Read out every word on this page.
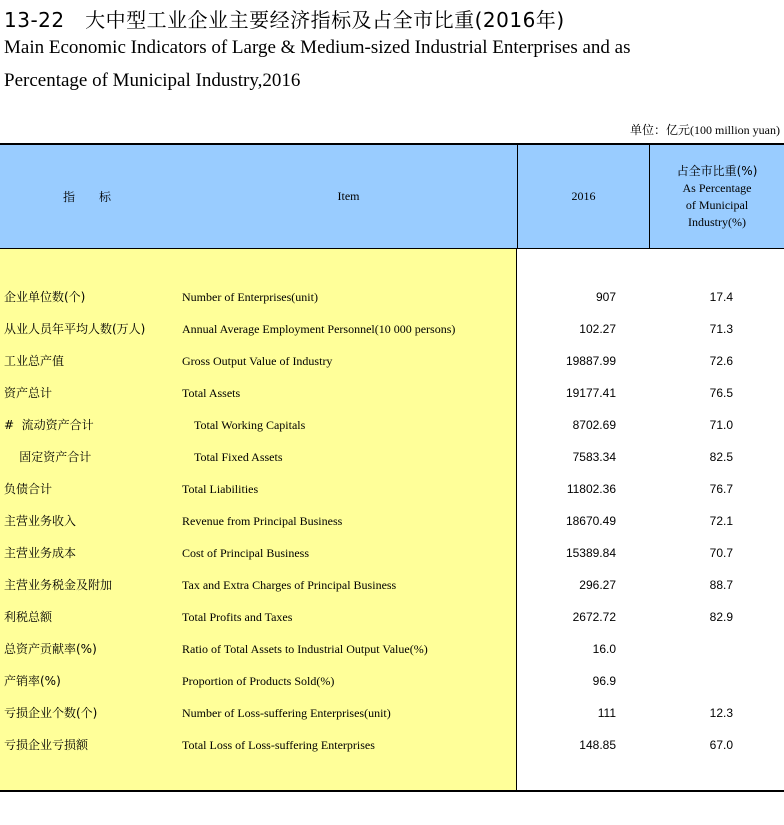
13-22　大中型工业企业主要经济指标及占全市比重(2016年)
Main Economic Indicators of Large & Medium-sized Industrial Enterprises and as
Percentage of Municipal Industry,2016
单位：亿元(100 million yuan)
指　标	Item	2016
占全市比重(%)
As Percentage
of Municipal
Industry(%)
企业单位数(个)	Number of Enterprises(unit)	907	17.4
从业人员年平均人数(万人)	Annual Average Employment Personnel(10 000 persons)	102.27	71.3
工业总产值	Gross Output Value of Industry	19887.99	72.6
资产总计	Total Assets	19177.41	76.5
#  流动资产合计	Total Working Capitals	8702.69	71.0
固定资产合计	Total Fixed Assets	7583.34	82.5
负债合计	Total Liabilities	11802.36	76.7
主营业务收入	Revenue from Principal Business	18670.49	72.1
主营业务成本	Cost of Principal Business	15389.84	70.7
主营业务税金及附加	Tax and Extra Charges of Principal Business	296.27	88.7
利税总额	Total Profits and Taxes	2672.72	82.9
总资产贡献率(%)	Ratio of Total Assets to Industrial Output Value(%)	16.0
产销率(%)	Proportion of Products Sold(%)	96.9
亏损企业个数(个)	Number of Loss-suffering Enterprises(unit)	111	12.3
亏损企业亏损额	Total Loss of Loss-suffering Enterprises	148.85	67.0
